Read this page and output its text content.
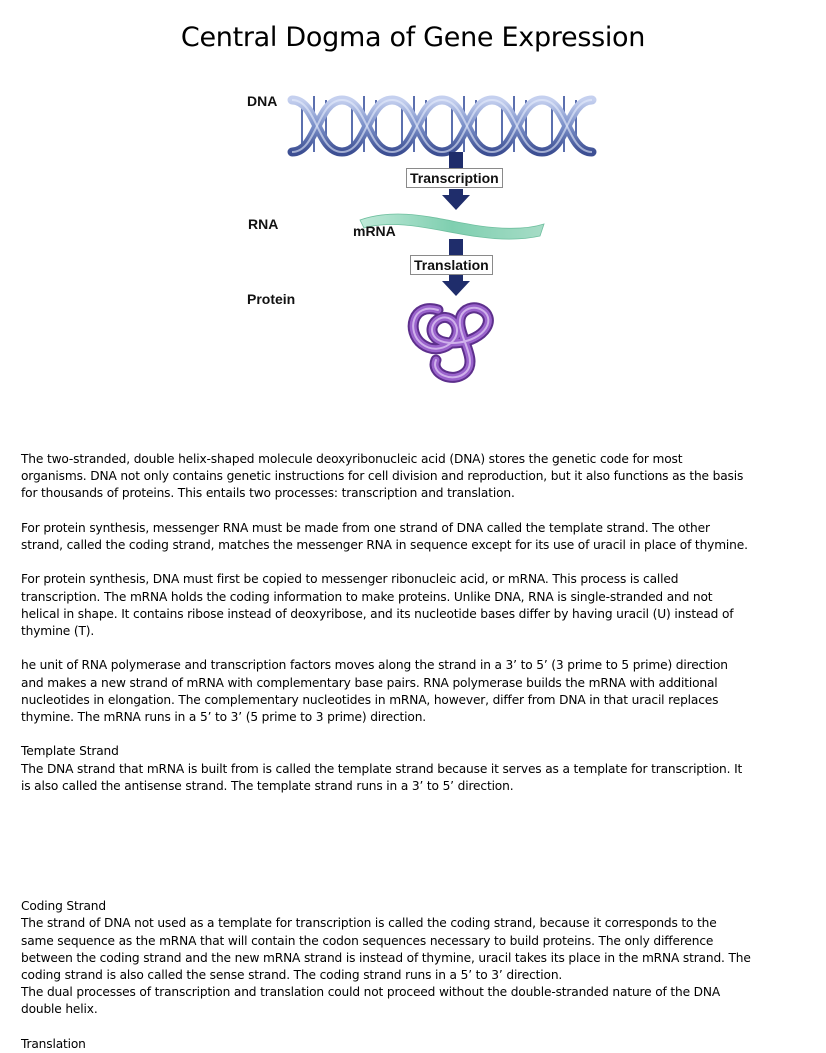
Central Dogma of Gene Expression
DNA
RNA
Protein
mRNA
Transcription
Translation

The two-stranded, double helix-shaped molecule deoxyribonucleic acid (DNA) stores the genetic code for most organisms. DNA not only contains genetic instructions for cell division and reproduction, but it also functions as the basis for thousands of proteins. This entails two processes: transcription and translation.

For protein synthesis, messenger RNA must be made from one strand of DNA called the template strand. The other strand, called the coding strand, matches the messenger RNA in sequence except for its use of uracil in place of thymine.

For protein synthesis, DNA must first be copied to messenger ribonucleic acid, or mRNA. This process is called transcription. The mRNA holds the coding information to make proteins. Unlike DNA, RNA is single-stranded and not helical in shape. It contains ribose instead of deoxyribose, and its nucleotide bases differ by having uracil (U) instead of thymine (T).

he unit of RNA polymerase and transcription factors moves along the strand in a 3’ to 5’ (3 prime to 5 prime) direction and makes a new strand of mRNA with complementary base pairs. RNA polymerase builds the mRNA with additional nucleotides in elongation. The complementary nucleotides in mRNA, however, differ from DNA in that uracil replaces thymine. The mRNA runs in a 5’ to 3’ (5 prime to 3 prime) direction.

Template Strand

The DNA strand that mRNA is built from is called the template strand because it serves as a template for transcription. It is also called the antisense strand. The template strand runs in a 3’ to 5’ direction.

Coding Strand
The strand of DNA not used as a template for transcription is called the coding strand, because it corresponds to the same sequence as the mRNA that will contain the codon sequences necessary to build proteins. The only difference between the coding strand and the new mRNA strand is instead of thymine, uracil takes its place in the mRNA strand. The coding strand is also called the sense strand. The coding strand runs in a 5’ to 3’ direction.

The dual processes of transcription and translation could not proceed without the double-stranded nature of the DNA double helix.

Translation
